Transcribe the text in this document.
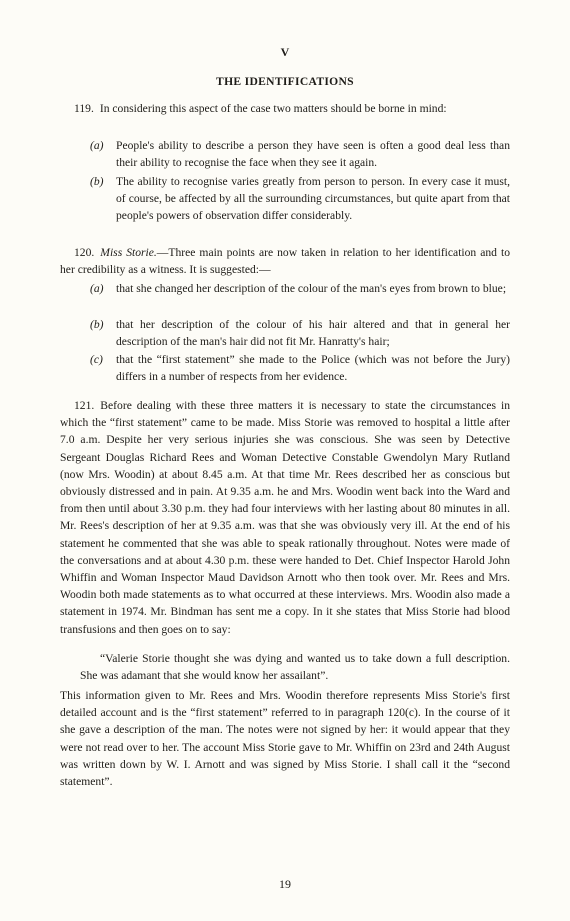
V
THE IDENTIFICATIONS

119. In considering this aspect of the case two matters should be borne in mind:

(a) People's ability to describe a person they have seen is often a good deal less than their ability to recognise the face when they see it again.

(b) The ability to recognise varies greatly from person to person. In every case it must, of course, be affected by all the surrounding circumstances, but quite apart from that people's powers of observation differ considerably.

120. Miss Storie.—Three main points are now taken in relation to her identification and to her credibility as a witness. It is suggested:—

(a) that she changed her description of the colour of the man's eyes from brown to blue;

(b) that her description of the colour of his hair altered and that in general her description of the man's hair did not fit Mr. Hanratty's hair;

(c) that the “first statement” she made to the Police (which was not before the Jury) differs in a number of respects from her evidence.

121. Before dealing with these three matters it is necessary to state the circumstances in which the “first statement” came to be made. Miss Storie was removed to hospital a little after 7.0 a.m. Despite her very serious injuries she was conscious. She was seen by Detective Sergeant Douglas Richard Rees and Woman Detective Constable Gwendolyn Mary Rutland (now Mrs. Woodin) at about 8.45 a.m. At that time Mr. Rees described her as conscious but obviously distressed and in pain. At 9.35 a.m. he and Mrs. Woodin went back into the Ward and from then until about 3.30 p.m. they had four interviews with her lasting about 80 minutes in all. Mr. Rees's description of her at 9.35 a.m. was that she was obviously very ill. At the end of his statement he commented that she was able to speak rationally throughout. Notes were made of the conversations and at about 4.30 p.m. these were handed to Det. Chief Inspector Harold John Whiffin and Woman Inspector Maud Davidson Arnott who then took over. Mr. Rees and Mrs. Woodin both made statements as to what occurred at these interviews. Mrs. Woodin also made a statement in 1974. Mr. Bindman has sent me a copy. In it she states that Miss Storie had blood transfusions and then goes on to say:

“Valerie Storie thought she was dying and wanted us to take down a full description. She was adamant that she would know her assailant”.

This information given to Mr. Rees and Mrs. Woodin therefore represents Miss Storie's first detailed account and is the “first statement” referred to in paragraph 120(c). In the course of it she gave a description of the man. The notes were not signed by her: it would appear that they were not read over to her. The account Miss Storie gave to Mr. Whiffin on 23rd and 24th August was written down by W. I. Arnott and was signed by Miss Storie. I shall call it the “second statement”.

19
